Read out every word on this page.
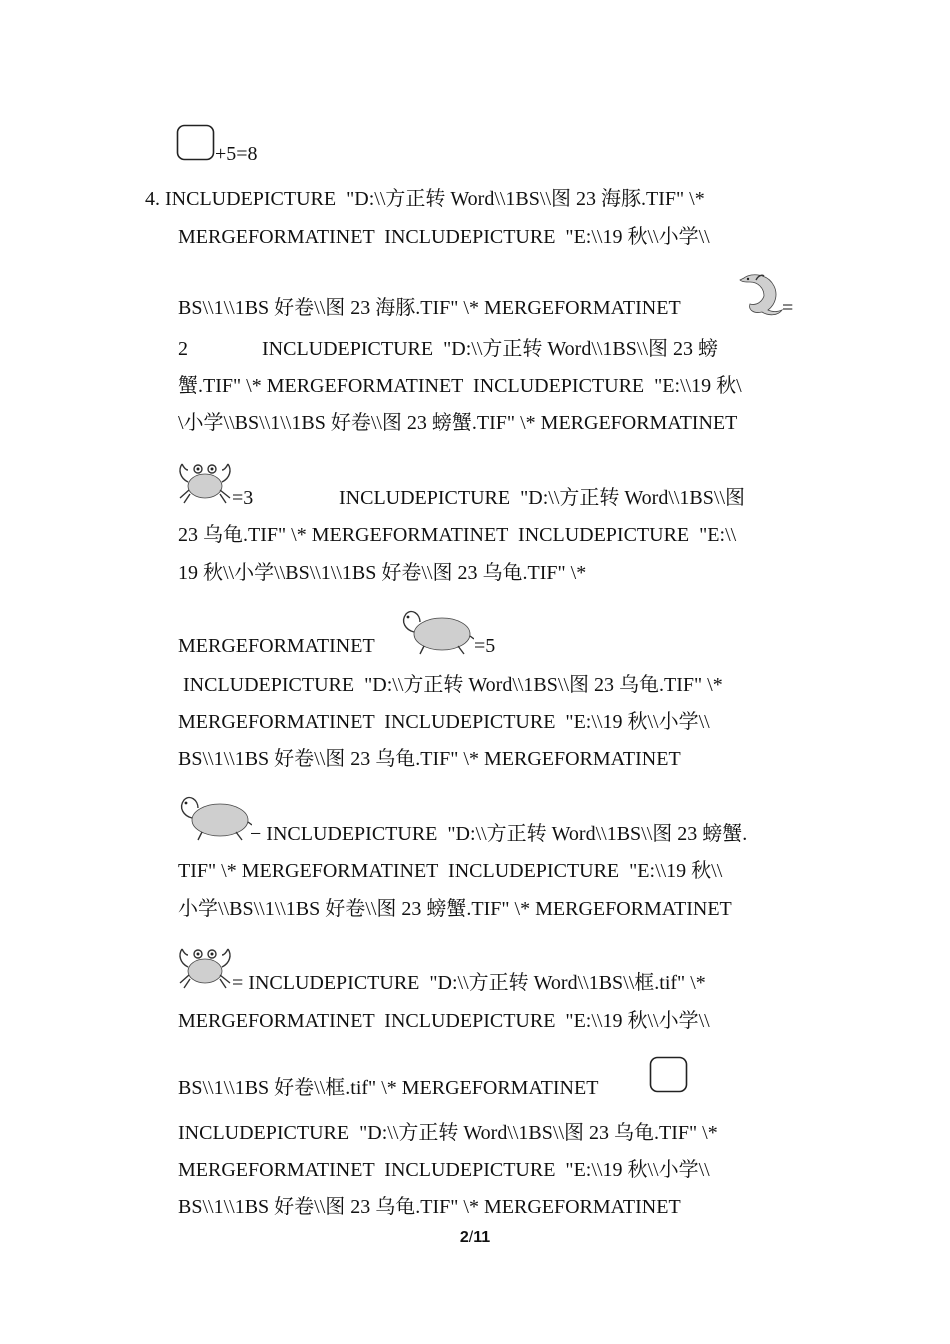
+5=8
4. INCLUDEPICTURE  "D:\\方正转 Word\\1BS\\图 23 海豚.TIF" \*
MERGEFORMATINET  INCLUDEPICTURE  "E:\\19 秋\\小学\\
BS\\1\\1BS 好卷\\图 23 海豚.TIF" \* MERGEFORMATINET	=
2	INCLUDEPICTURE  "D:\\方正转 Word\\1BS\\图 23 螃
蟹.TIF" \* MERGEFORMATINET  INCLUDEPICTURE  "E:\\19 秋\
\小学\\BS\\1\\1BS 好卷\\图 23 螃蟹.TIF" \* MERGEFORMATINET
=3	INCLUDEPICTURE  "D:\\方正转 Word\\1BS\\图
23 乌龟.TIF" \* MERGEFORMATINET  INCLUDEPICTURE  "E:\\
19 秋\\小学\\BS\\1\\1BS 好卷\\图 23 乌龟.TIF" \*
MERGEFORMATINET	=5
INCLUDEPICTURE  "D:\\方正转 Word\\1BS\\图 23 乌龟.TIF" \*
MERGEFORMATINET  INCLUDEPICTURE  "E:\\19 秋\\小学\\
BS\\1\\1BS 好卷\\图 23 乌龟.TIF" \* MERGEFORMATINET
− INCLUDEPICTURE  "D:\\方正转 Word\\1BS\\图 23 螃蟹.
TIF" \* MERGEFORMATINET  INCLUDEPICTURE  "E:\\19 秋\\
小学\\BS\\1\\1BS 好卷\\图 23 螃蟹.TIF" \* MERGEFORMATINET
= INCLUDEPICTURE  "D:\\方正转 Word\\1BS\\框.tif" \*
MERGEFORMATINET  INCLUDEPICTURE  "E:\\19 秋\\小学\\
BS\\1\\1BS 好卷\\框.tif" \* MERGEFORMATINET
INCLUDEPICTURE  "D:\\方正转 Word\\1BS\\图 23 乌龟.TIF" \*
MERGEFORMATINET  INCLUDEPICTURE  "E:\\19 秋\\小学\\
BS\\1\\1BS 好卷\\图 23 乌龟.TIF" \* MERGEFORMATINET
2/11
